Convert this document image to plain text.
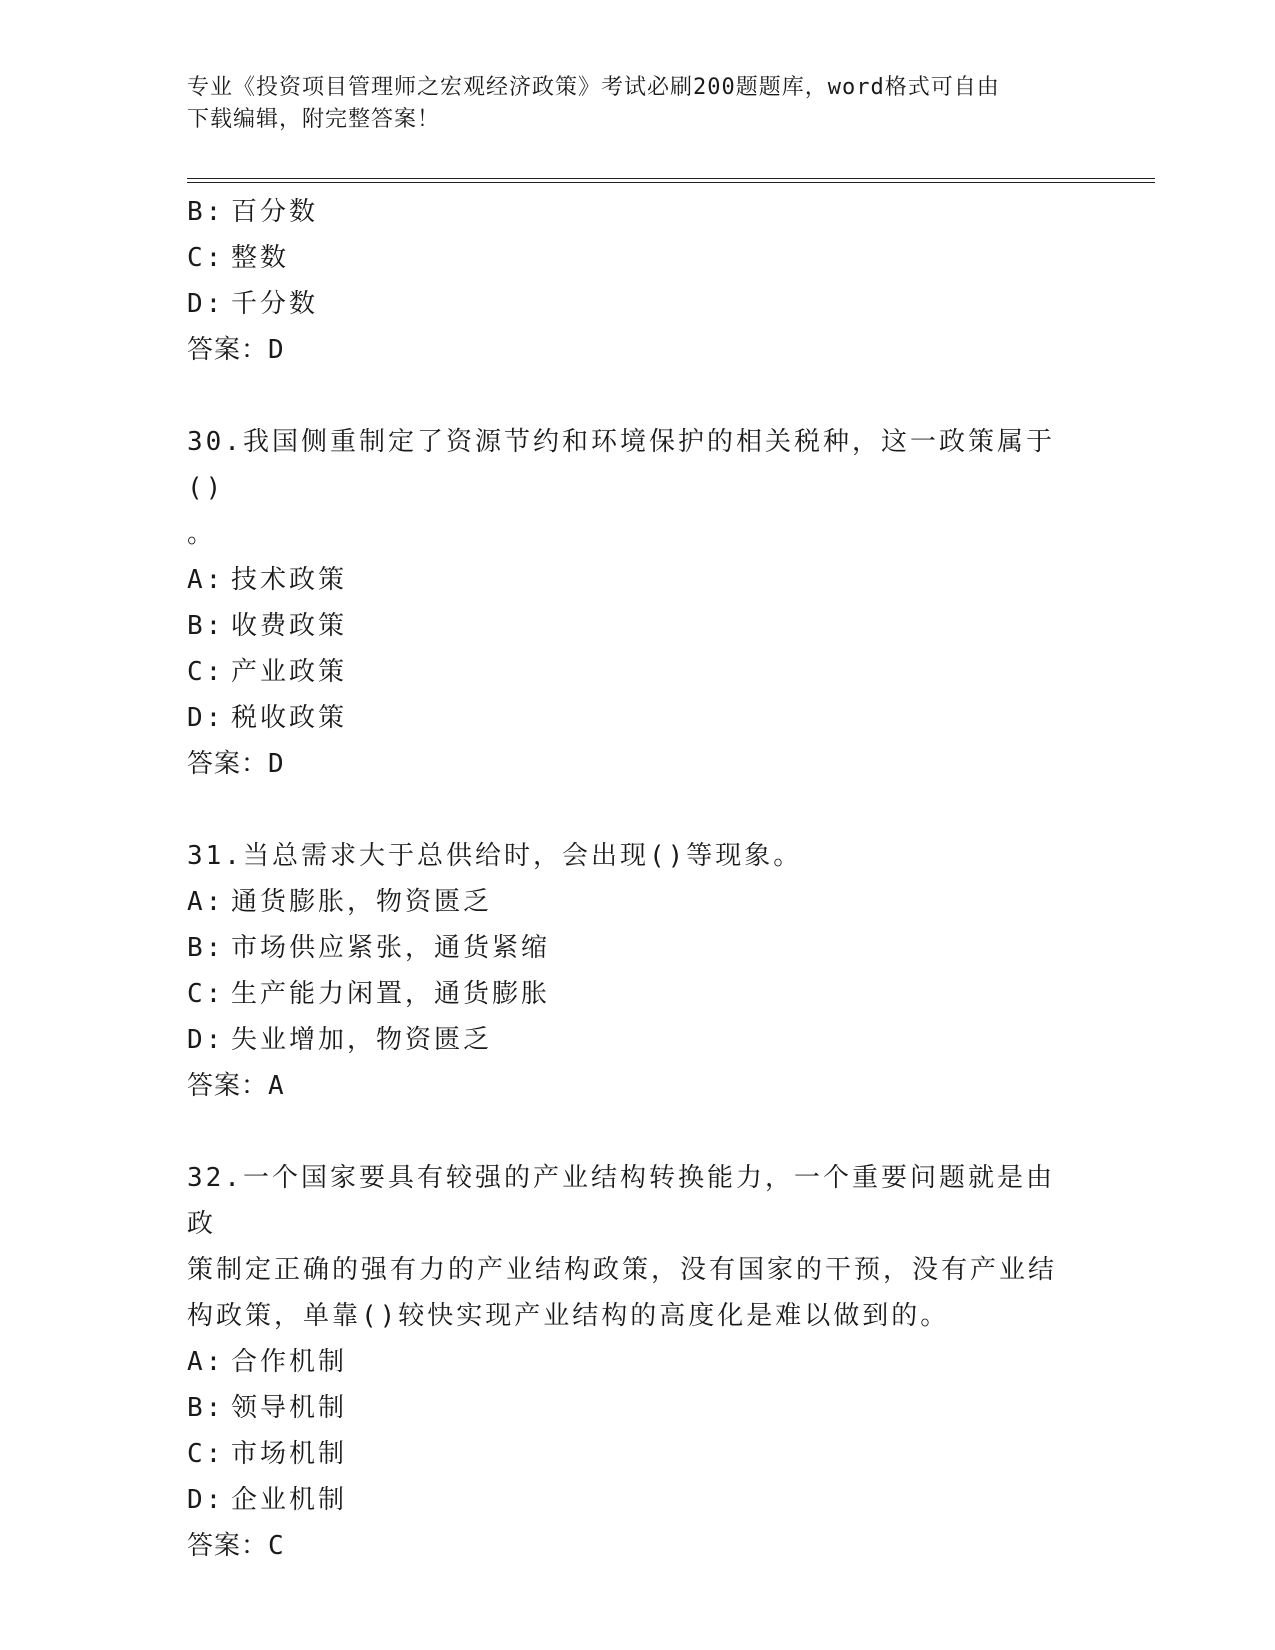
专业《投资项目管理师之宏观经济政策》考试必刷200题题库，word格式可自由
下载编辑，附完整答案！
B: 百分数
C: 整数
D: 千分数
答案：D
30.我国侧重制定了资源节约和环境保护的相关税种，这一政策属于()
。
A: 技术政策
B: 收费政策
C: 产业政策
D: 税收政策
答案：D
31.当总需求大于总供给时，会出现()等现象。
A: 通货膨胀，物资匮乏
B: 市场供应紧张，通货紧缩
C: 生产能力闲置，通货膨胀
D: 失业增加，物资匮乏
答案：A
32.一个国家要具有较强的产业结构转换能力，一个重要问题就是由政
策制定正确的强有力的产业结构政策，没有国家的干预，没有产业结
构政策，单靠()较快实现产业结构的高度化是难以做到的。
A: 合作机制
B: 领导机制
C: 市场机制
D: 企业机制
答案：C
